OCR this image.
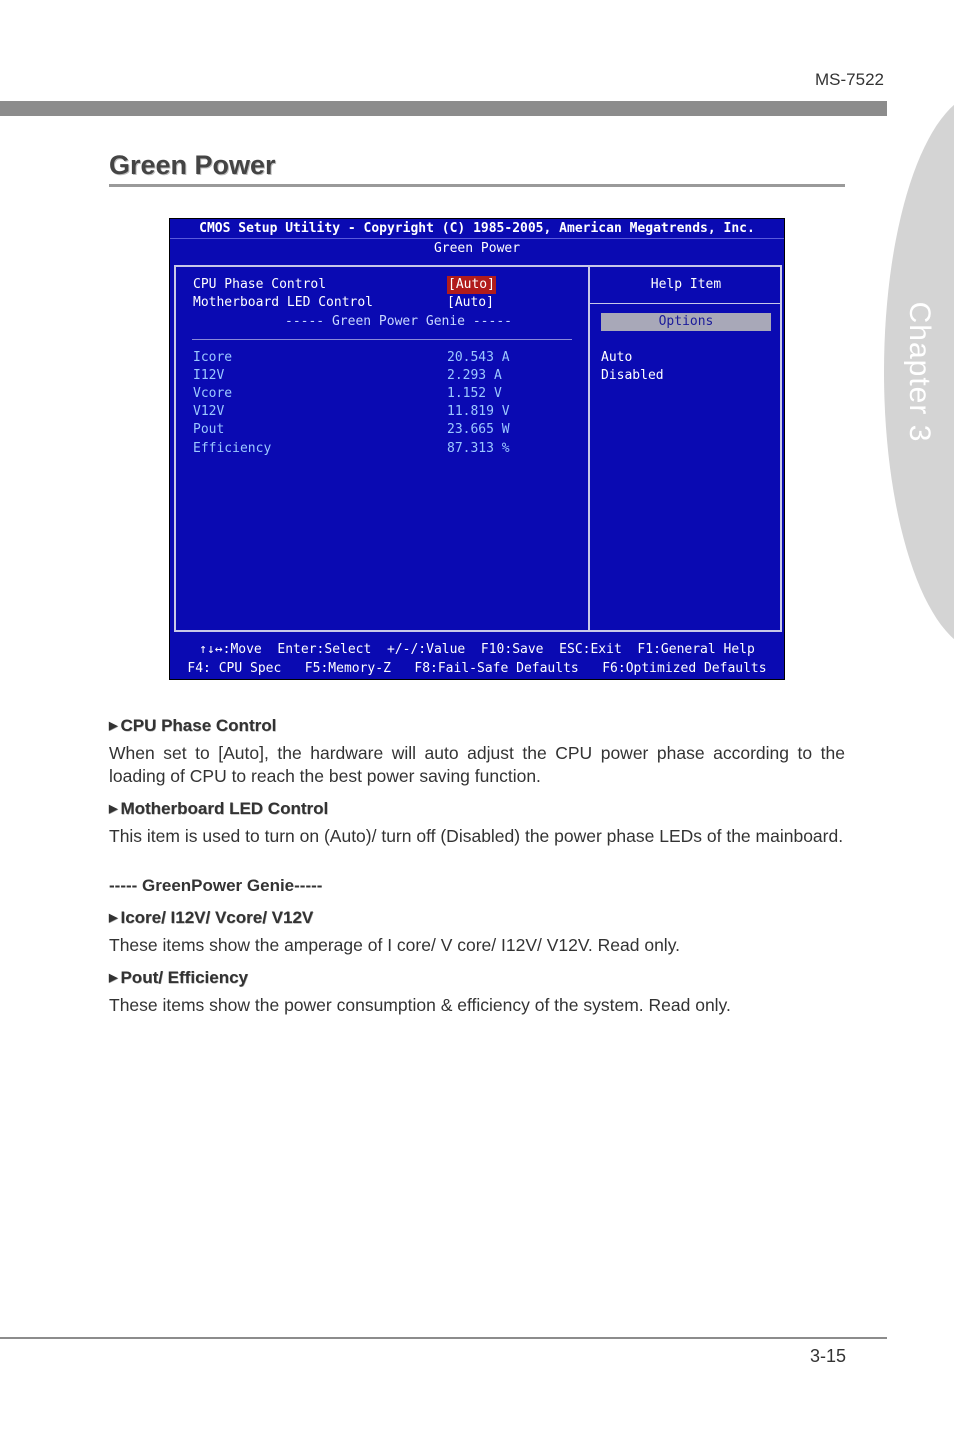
MS-7522
Chapter 3
Green Power
CMOS Setup Utility - Copyright (C) 1985-2005, American Megatrends, Inc.
Green Power
CPU Phase Control	[Auto]
Motherboard LED Control	[Auto]
----- Green Power Genie -----
Icore	20.543 A
I12V	2.293 A
Vcore	1.152 V
V12V	11.819 V
Pout	23.665 W
Efficiency	87.313 %
Help Item
Options
Auto
Disabled
↑↓↔:Move  Enter:Select  +/-/:Value  F10:Save  ESC:Exit  F1:General Help
F4: CPU Spec   F5:Memory-Z   F8:Fail-Safe Defaults   F6:Optimized Defaults
▶ CPU Phase Control
When set to [Auto], the hardware will auto adjust the CPU power phase according to the loading of CPU to reach the best power saving function.
▶ Motherboard LED Control
This item is used to turn on (Auto)/ turn off (Disabled) the power phase LEDs of the mainboard.
----- GreenPower Genie-----
▶ Icore/ I12V/ Vcore/ V12V
These items show the amperage of I core/ V core/ I12V/ V12V. Read only.
▶ Pout/ Efficiency
These items show the power consumption & efficiency of the system. Read only.
3-15
